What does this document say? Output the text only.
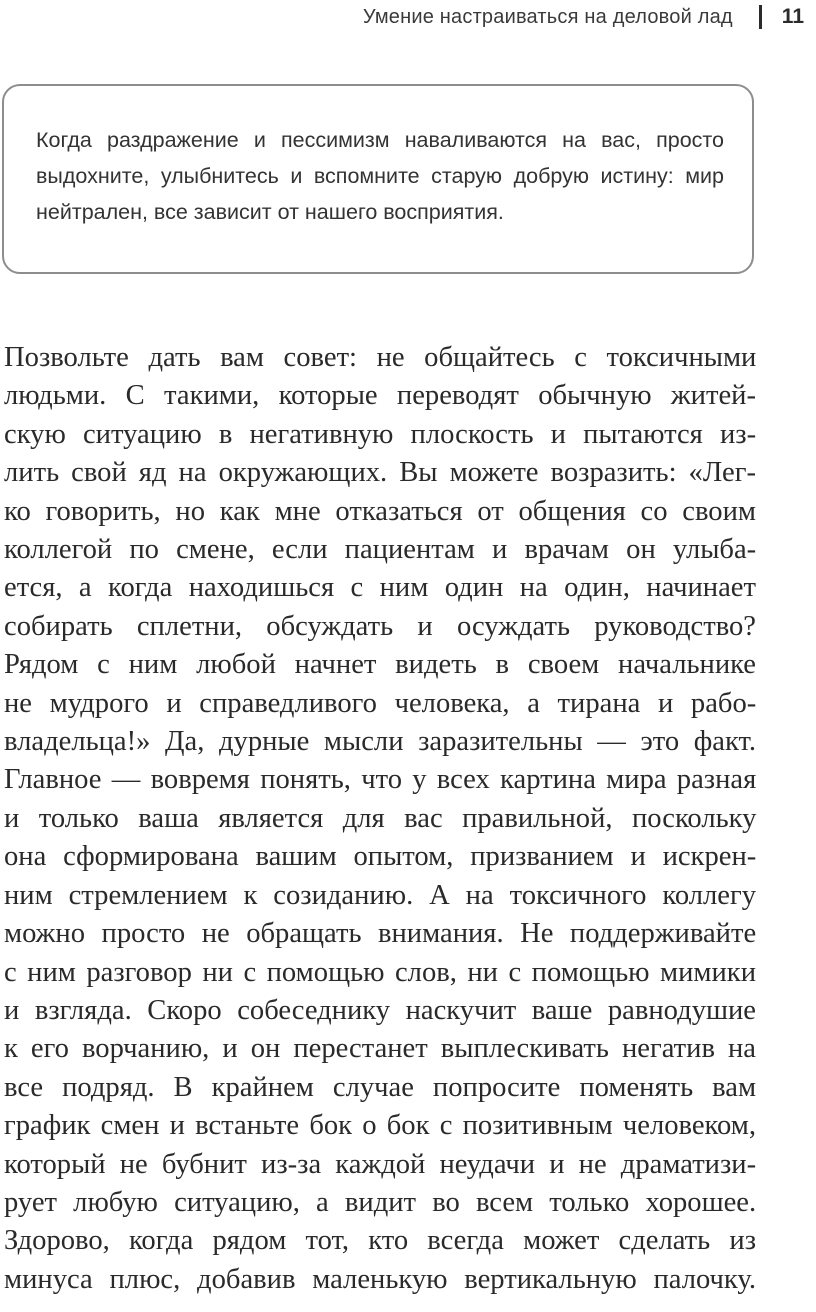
Умение настраиваться на деловой лад 11

Когда раздражение и пессимизм наваливаются на вас, просто выдохните, улыбнитесь и вспомните старую добрую истину: мир нейтрален, все зависит от нашего восприятия.

Позвольте дать вам совет: не общайтесь с токсичными
людьми. С такими, которые переводят обычную житей-
скую ситуацию в негативную плоскость и пытаются из-
лить свой яд на окружающих. Вы можете возразить: «Лег-
ко говорить, но как мне отказаться от общения со своим
коллегой по смене, если пациентам и врачам он улыба-
ется, а когда находишься с ним один на один, начинает
собирать сплетни, обсуждать и осуждать руководство?
Рядом с ним любой начнет видеть в своем начальнике
не мудрого и справедливого человека, а тирана и рабо-
владельца!» Да, дурные мысли заразительны — это факт.
Главное — вовремя понять, что у всех картина мира разная
и только ваша является для вас правильной, поскольку
она сформирована вашим опытом, призванием и искрен-
ним стремлением к созиданию. А на токсичного коллегу
можно просто не обращать внимания. Не поддерживайте
с ним разговор ни с помощью слов, ни с помощью мимики
и взгляда. Скоро собеседнику наскучит ваше равнодушие
к его ворчанию, и он перестанет выплескивать негатив на
все подряд. В крайнем случае попросите поменять вам
график смен и встаньте бок о бок с позитивным человеком,
который не бубнит из-за каждой неудачи и не драматизи-
рует любую ситуацию, а видит во всем только хорошее.
Здорово, когда рядом тот, кто всегда может сделать из
минуса плюс, добавив маленькую вертикальную палочку.
